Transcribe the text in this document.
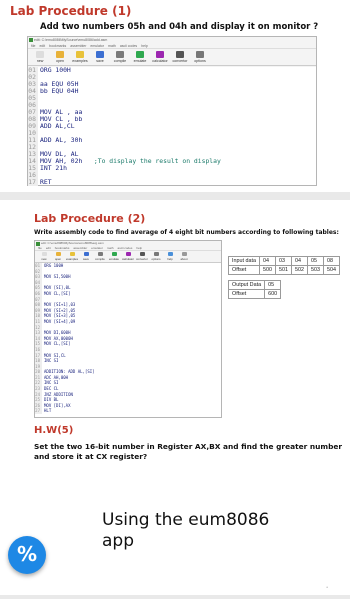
Lab Procedure (1)
Add two numbers 05h and 04h and display it on monitor ?
edit: C:\emu8086\MySource\emu8086\add.asm
file edit bookmarks assembler emulator math ascii codes help
new	open examples save	compile emulate calculator convertor options
01 ORG 100H
02
03 aa EQU 05H
04 bb EQU 04H
05
06
07 MOV AL , aa
08 MOV CL , bb
09 ADD AL,CL
10
11 ADD AL, 30h
12
13 MOV DL, AL
14 MOV AH, 02h   ;To display the result on display
15 INT 21h
16
17 RET
Lab Procedure (2)
Write assembly code to find average of 4 eight bit numbers according to following tables:
edit: C:\emu8086\MySource\emu8086\avg.asm
file edit bookmarks assembler emulator math ascii codes help
new	open examples save compile emulate calculator convertor options help	about
01	ORG 100H
02
03	MOV SI,500H
04
05	MOV [SI],0L
06	MOV CL,[SI]
07
08	MOV [SI+1],03
09	MOV [SI+2],05
10	MOV [SI+3],05
11	MOV [SI+4],09
12
13	MOV DI,600H
14	MOV AX,0000H
15	MOV CL,[SI]
16
17	MOV SI,CL
18	INC SI
19
20	ADDITION: ADD AL,[SI]
21	ADC AH,00H
22	INC SI
23	DEC CL
24	JNZ ADDITION
25	DIV BL
26	MOV [DI],AX
27	HLT
Input data	04	03	04	05	08
Offset	500	501	502	503	504
Output Data	05
Offset	600
H.W(5)
Set the two 16-bit number in Register AX,BX and find the greater number and store it at CX register?
•
Using the eum8086 app
%
